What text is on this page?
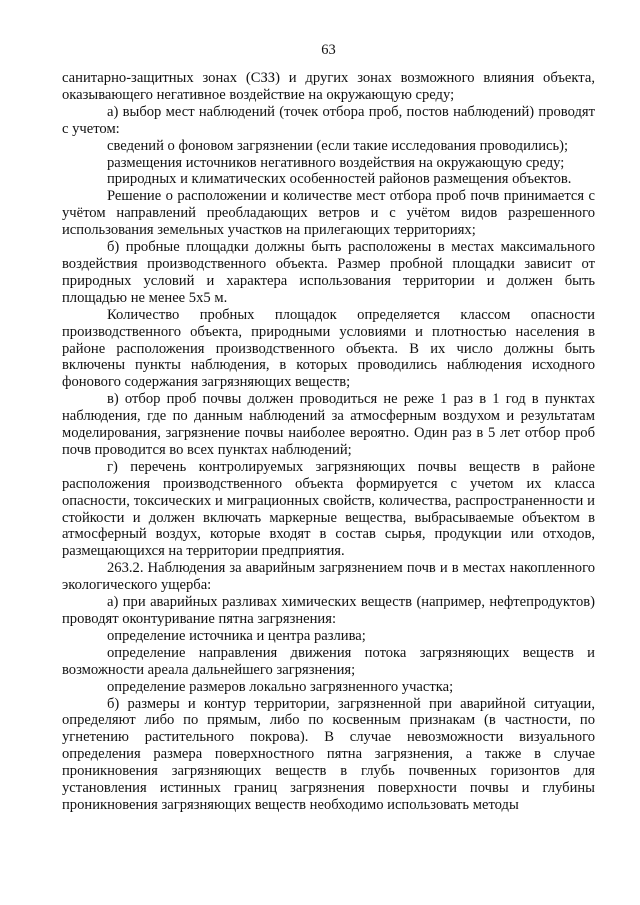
63

санитарно-защитных зонах (СЗЗ) и других зонах возможного влияния объекта, оказывающего негативное воздействие на окружающую среду;

а) выбор мест наблюдений (точек отбора проб, постов наблюдений) проводят с учетом:

сведений о фоновом загрязнении (если такие исследования проводились);

размещения источников негативного воздействия на окружающую среду;

природных и климатических особенностей районов размещения объектов.

Решение о расположении и количестве мест отбора проб почв принимается с учётом направлений преобладающих ветров и с учётом видов разрешенного использования земельных участков на прилегающих территориях;

б) пробные площадки должны быть расположены в местах максимального воздействия производственного объекта. Размер пробной площадки зависит от природных условий и характера использования территории и должен быть площадью не менее 5х5 м.

Количество пробных площадок определяется классом опасности производственного объекта, природными условиями и плотностью населения в районе расположения производственного объекта. В их число должны быть включены пункты наблюдения, в которых проводились наблюдения исходного фонового содержания загрязняющих веществ;

в) отбор проб почвы должен проводиться не реже 1 раз в 1 год в пунктах наблюдения, где по данным наблюдений за атмосферным воздухом и результатам моделирования, загрязнение почвы наиболее вероятно. Один раз в 5 лет отбор проб почв проводится во всех пунктах наблюдений;

г) перечень контролируемых загрязняющих почвы веществ в районе расположения производственного объекта формируется с учетом их класса опасности, токсических и миграционных свойств, количества, распространенности и стойкости и должен включать маркерные вещества, выбрасываемые объектом в атмосферный воздух, которые входят в состав сырья, продукции или отходов, размещающихся на территории предприятия.

263.2. Наблюдения за аварийным загрязнением почв и в местах накопленного экологического ущерба:

а) при аварийных разливах химических веществ (например, нефтепродуктов) проводят оконтуривание пятна загрязнения:

определение источника и центра разлива;

определение направления движения потока загрязняющих веществ и возможности ареала дальнейшего загрязнения;

определение размеров локально загрязненного участка;

б) размеры и контур территории, загрязненной при аварийной ситуации, определяют либо по прямым, либо по косвенным признакам (в частности, по угнетению растительного покрова). В случае невозможности визуального определения размера поверхностного пятна загрязнения, а также в случае проникновения загрязняющих веществ в глубь почвенных горизонтов для установления истинных границ загрязнения поверхности почвы и глубины проникновения загрязняющих веществ необходимо использовать методы
